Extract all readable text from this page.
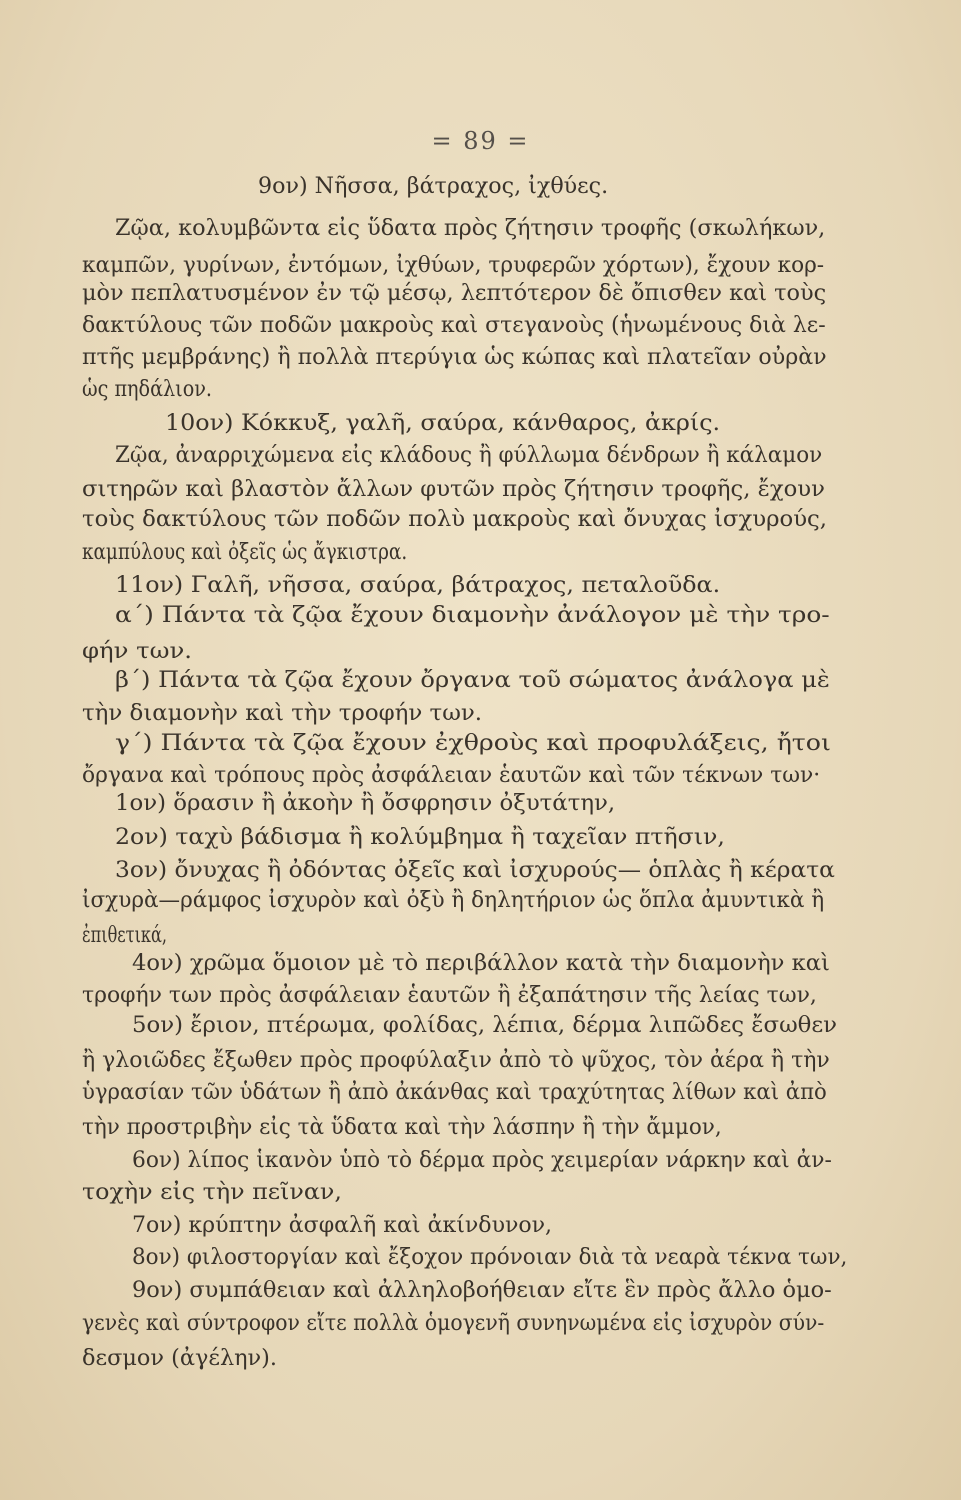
= 89 =
9ον) Νῆσσα, βάτραχος, ἰχθύες.
Ζῷα, κολυμβῶντα εἰς ὕδατα πρὸς ζήτησιν τροφῆς (σκωλήκων,
καμπῶν, γυρίνων, ἐντόμων, ἰχθύων, τρυφερῶν χόρτων), ἔχουν κορ-
μὸν πεπλατυσμένον ἐν τῷ μέσῳ, λεπτότερον δὲ ὄπισθεν καὶ τοὺς
δακτύλους τῶν ποδῶν μακροὺς καὶ στεγανοὺς (ἡνωμένους διὰ λε-
πτῆς μεμβράνης) ἢ πολλὰ πτερύγια ὡς κώπας καὶ πλατεῖαν οὐρὰν
ὡς πηδάλιον.
10ον) Κόκκυξ, γαλῆ, σαύρα, κάνθαρος, ἀκρίς.
Ζῷα, ἀναρριχώμενα εἰς κλάδους ἢ φύλλωμα δένδρων ἢ κάλαμον
σιτηρῶν καὶ βλαστὸν ἄλλων φυτῶν πρὸς ζήτησιν τροφῆς, ἔχουν
τοὺς δακτύλους τῶν ποδῶν πολὺ μακροὺς καὶ ὄνυχας ἰσχυρούς,
καμπύλους καὶ ὀξεῖς ὡς ἄγκιστρα.
11ον) Γαλῆ, νῆσσα, σαύρα, βάτραχος, πεταλοῦδα.
α΄) Πάντα τὰ ζῷα ἔχουν διαμονὴν ἀνάλογον μὲ τὴν τρο-
φήν των.
β΄) Πάντα τὰ ζῷα ἔχουν ὄργανα τοῦ σώματος ἀνάλογα μὲ
τὴν διαμονὴν καὶ τὴν τροφήν των.
γ΄) Πάντα τὰ ζῷα ἔχουν ἐχθροὺς καὶ προφυλάξεις, ἤτοι
ὄργανα καὶ τρόπους πρὸς ἀσφάλειαν ἑαυτῶν καὶ τῶν τέκνων των·
1ον) ὅρασιν ἢ ἀκοὴν ἢ ὄσφρησιν ὀξυτάτην,
2ον) ταχὺ βάδισμα ἢ κολύμβημα ἢ ταχεῖαν πτῆσιν,
3ον) ὄνυχας ἢ ὀδόντας ὀξεῖς καὶ ἰσχυρούς— ὁπλὰς ἢ κέρατα
ἰσχυρὰ—ράμφος ἰσχυρὸν καὶ ὀξὺ ἢ δηλητήριον ὡς ὅπλα ἀμυντικὰ ἢ
ἐπιθετικά,
4ον) χρῶμα ὅμοιον μὲ τὸ περιβάλλον κατὰ τὴν διαμονὴν καὶ
τροφήν των πρὸς ἀσφάλειαν ἑαυτῶν ἢ ἐξαπάτησιν τῆς λείας των,
5ον) ἔριον, πτέρωμα, φολίδας, λέπια, δέρμα λιπῶδες ἔσωθεν
ἢ γλοιῶδες ἔξωθεν πρὸς προφύλαξιν ἀπὸ τὸ ψῦχος, τὸν ἀέρα ἢ τὴν
ὑγρασίαν τῶν ὑδάτων ἢ ἀπὸ ἀκάνθας καὶ τραχύτητας λίθων καὶ ἀπὸ
τὴν προστριβὴν εἰς τὰ ὕδατα καὶ τὴν λάσπην ἢ τὴν ἄμμον,
6ον) λίπος ἱκανὸν ὑπὸ τὸ δέρμα πρὸς χειμερίαν νάρκην καὶ ἀν-
τοχὴν εἰς τὴν πεῖναν,
7ον) κρύπτην ἀσφαλῆ καὶ ἀκίνδυνον,
8ον) φιλοστοργίαν καὶ ἔξοχον πρόνοιαν διὰ τὰ νεαρὰ τέκνα των,
9ον) συμπάθειαν καὶ ἀλληλοβοήθειαν εἴτε ἓν πρὸς ἄλλο ὁμο-
γενὲς καὶ σύντροφον εἴτε πολλὰ ὁμογενῆ συνηνωμένα εἰς ἰσχυρὸν σύν-
δεσμον (ἀγέλην).
